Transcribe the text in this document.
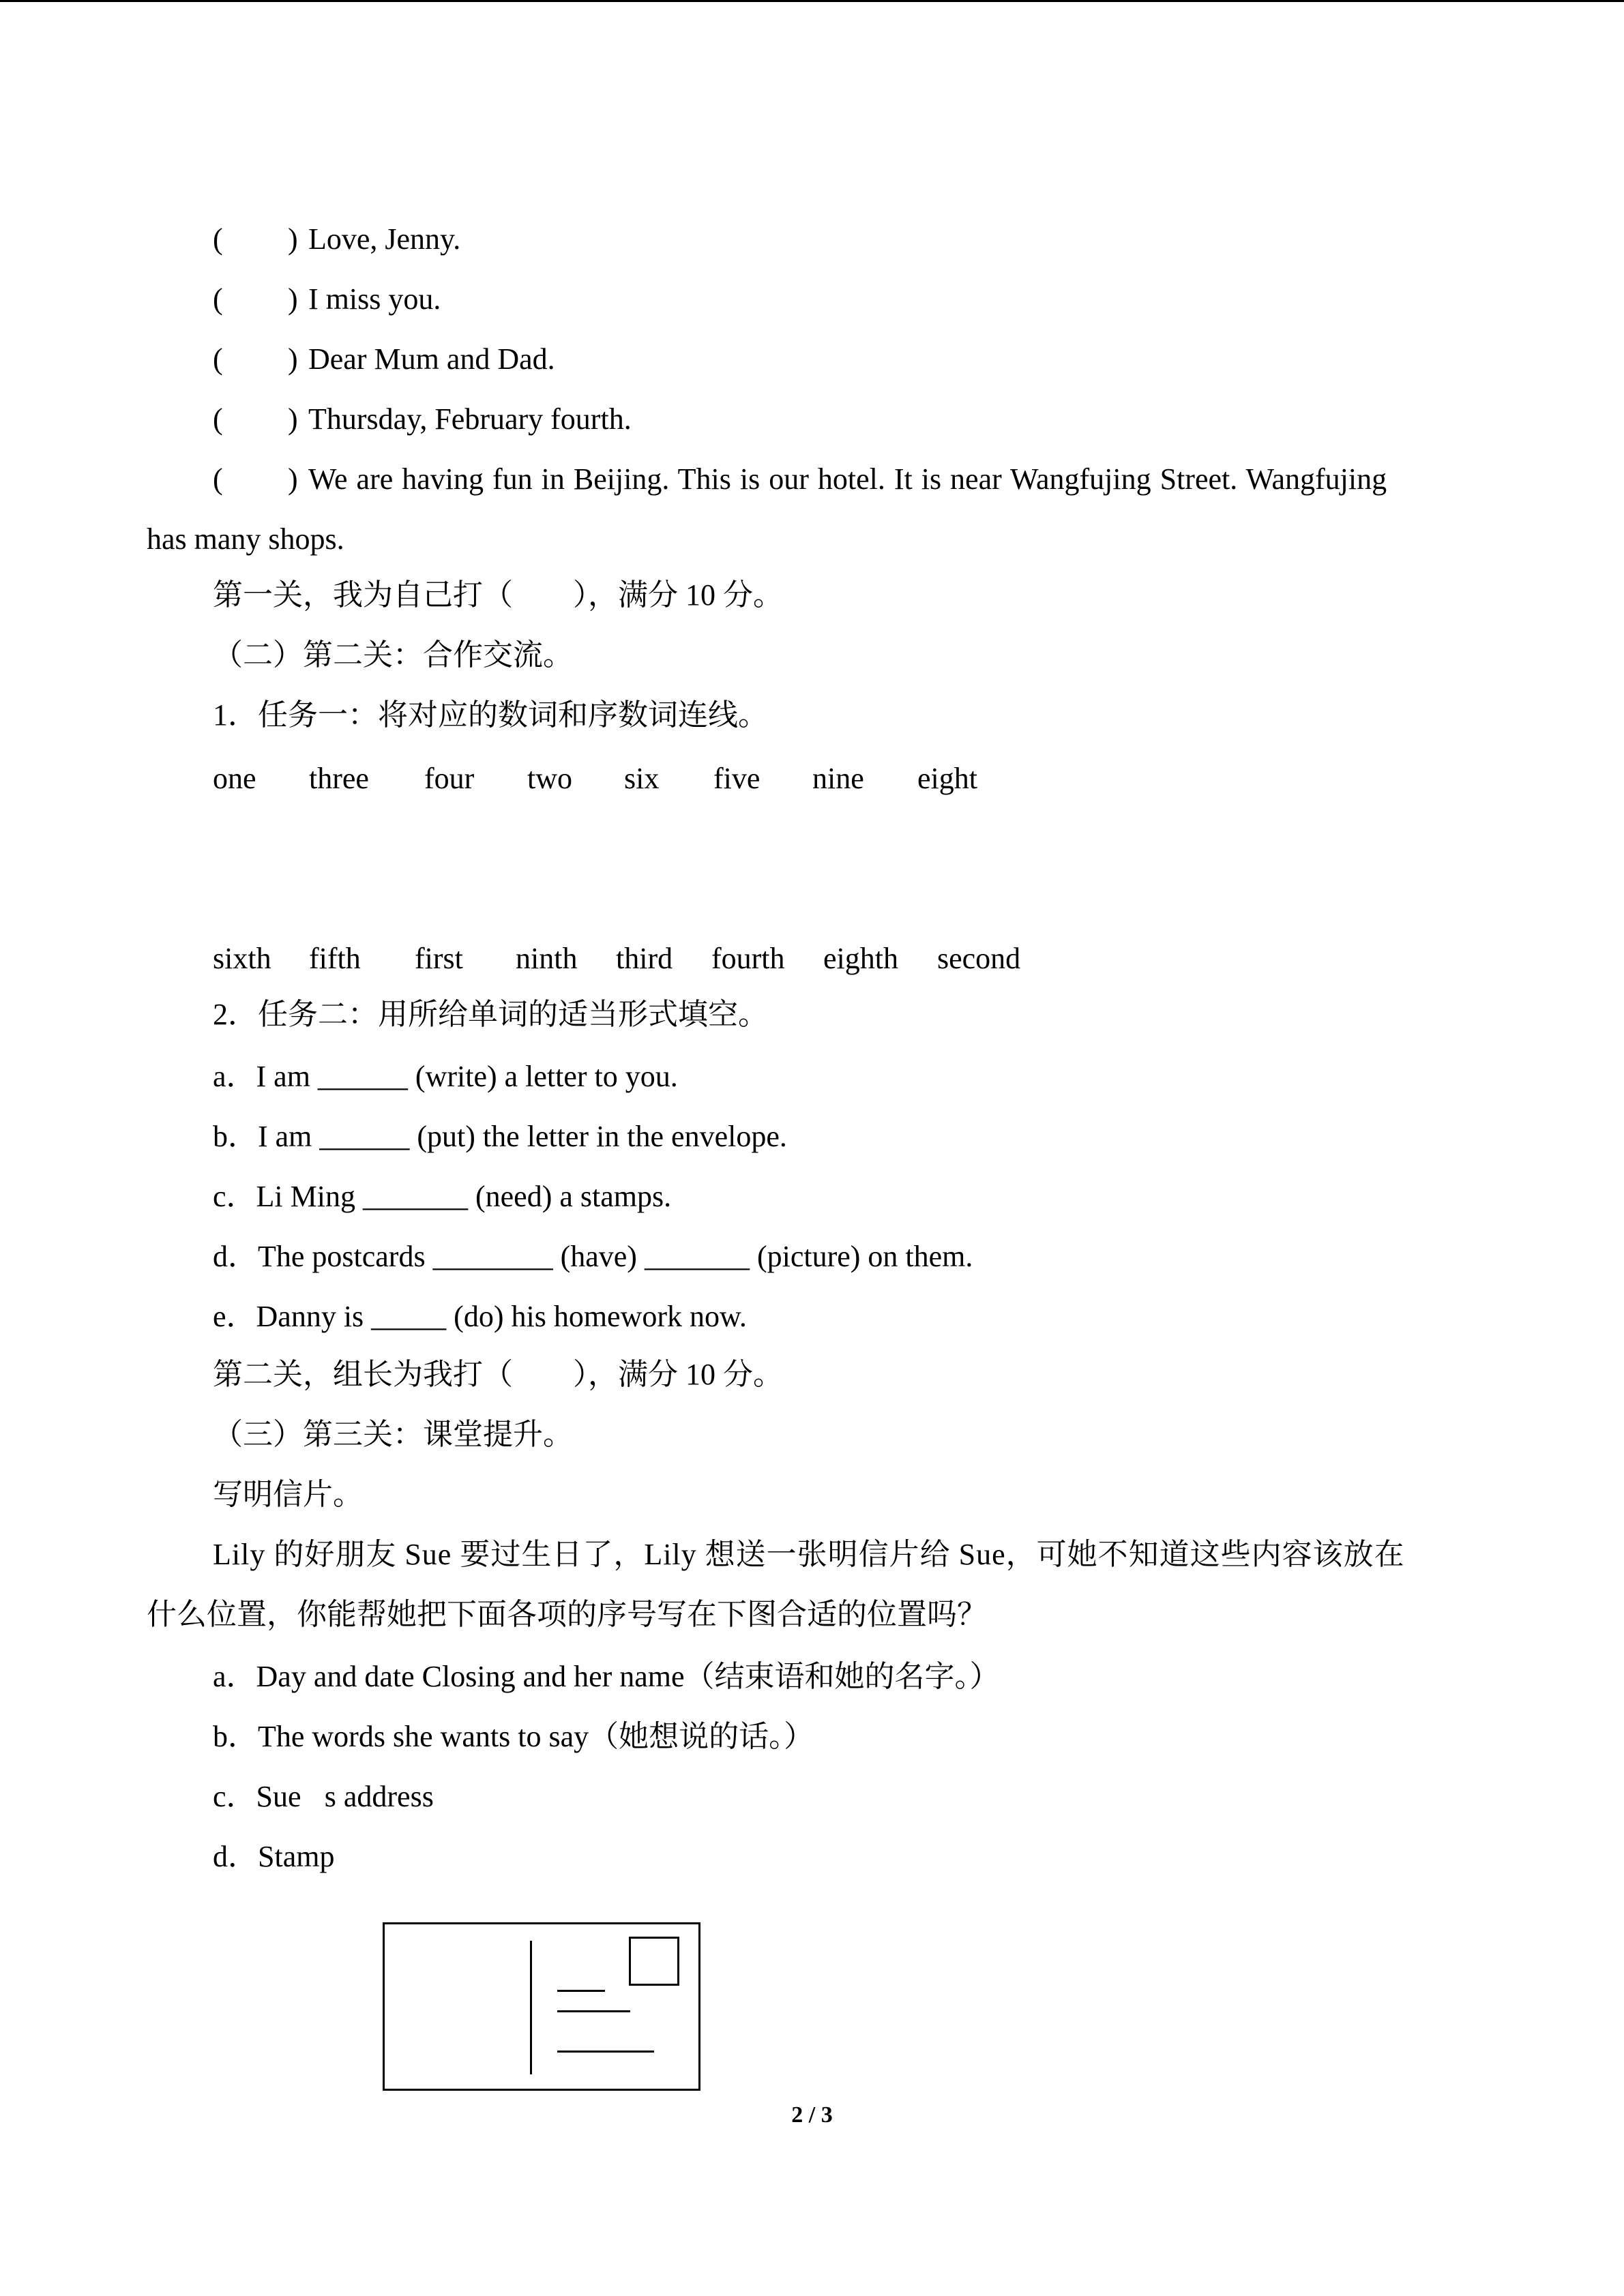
( ) Love, Jenny.
( ) I miss you.
( ) Dear Mum and Dad.
( ) Thursday, February fourth.
( ) We are having fun in Beijing. This is our hotel. It is near Wangfujing Street. Wangfujing
has many shops.
第一关，我为自己打（　　），满分 10 分。
（二）第二关：合作交流。
1．任务一：将对应的数词和序数词连线。
one three four two six five nine eight
sixth fifth first ninth third fourth eighth second
2．任务二：用所给单词的适当形式填空。
a．I am ______ (write) a letter to you.
b．I am ______ (put) the letter in the envelope.
c．Li Ming _______ (need) a stamps.
d．The postcards ________ (have) _______ (picture) on them.
e．Danny is _____ (do) his homework now.
第二关，组长为我打（　　），满分 10 分。
（三）第三关：课堂提升。
写明信片。
Lily 的好朋友 Sue 要过生日了，Lily 想送一张明信片给 Sue，可她不知道这些内容该放在
什么位置，你能帮她把下面各项的序号写在下图合适的位置吗？
a．Day and date Closing and her name（结束语和她的名字。）
b．The words she wants to say（她想说的话。）
c．Sue s address
d．Stamp
2 / 3
